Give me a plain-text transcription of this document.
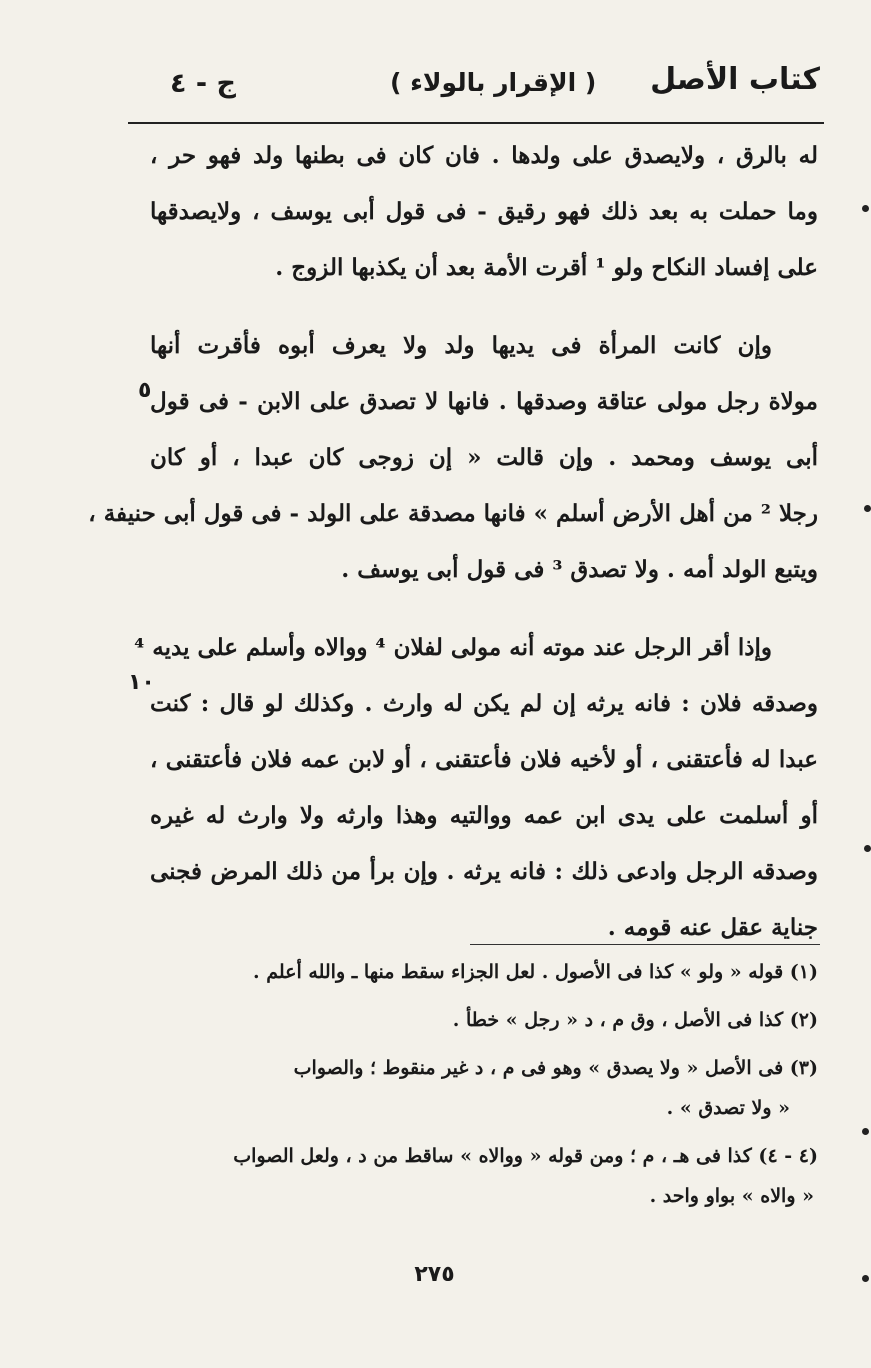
كتاب الأصل
( الإقرار بالولاء )
ج - ٤
له بالرق ، ولايصدق على ولدها . فان كان فى بطنها ولد فهو حر ،
وما حملت به بعد ذلك فهو رقيق - فى قول أبى يوسف ، ولايصدقها
على إفساد النكاح ولو ¹ أقرت الأمة بعد أن يكذبها الزوج .
وإن كانت المرأة فى يديها ولد ولا يعرف أبوه فأقرت أنها
مولاة رجل مولى عتاقة وصدقها . فانها لا تصدق على الابن - فى قول
أبى يوسف ومحمد . وإن قالت « إن زوجى كان عبدا ، أو كان
رجلا ² من أهل الأرض أسلم » فانها مصدقة على الولد - فى قول أبى حنيفة ،
ويتبع الولد أمه . ولا تصدق ³ فى قول أبى يوسف .
وإذا أقر الرجل عند موته أنه مولى لفلان ⁴ ووالاه وأسلم على يديه ⁴
وصدقه فلان : فانه يرثه إن لم يكن له وارث . وكذلك لو قال : كنت
عبدا له فأعتقنى ، أو لأخيه فلان فأعتقنى ، أو لابن عمه فلان فأعتقنى ،
أو أسلمت على يدى ابن عمه ووالتيه وهذا وارثه ولا وارث له غيره
وصدقه الرجل وادعى ذلك : فانه يرثه . وإن برأ من ذلك المرض فجنى
جناية عقل عنه قومه .
٥
١٠
(١) قوله « ولو » كذا فى الأصول . لعل الجزاء سقط منها ـ والله أعلم .
(٢) كذا فى الأصل ، وق م ، د « رجل » خطأ .
(٣) فى الأصل « ولا يصدق » وهو فى م ، د غير منقوط ؛ والصواب
« ولا تصدق » .
(٤ - ٤) كذا فى هـ ، م ؛ ومن قوله « ووالاه » ساقط من د ، ولعل الصواب
« والاه » بواو واحد .
٢٧٥
